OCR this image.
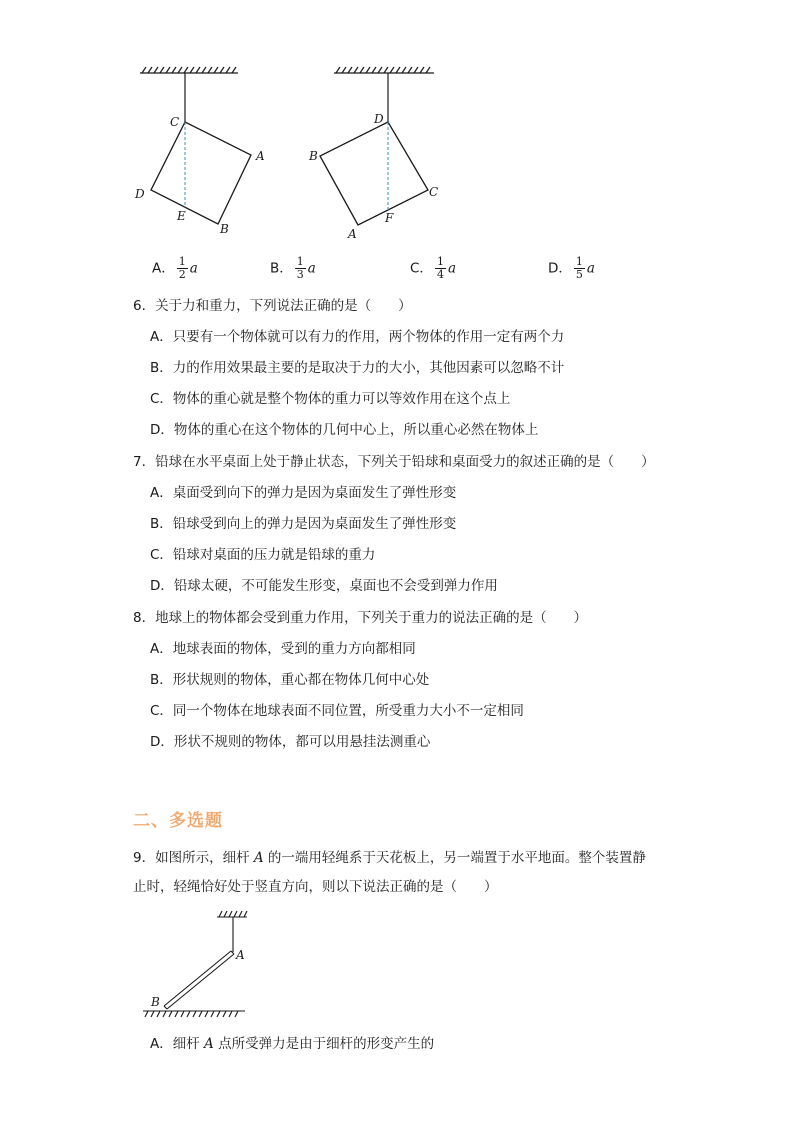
C
A
D
E
B
D
B
C
F
A
A． $\frac{1}{2}$ a	B． $\frac{1}{3}$ a	C． $\frac{1}{4}$ a	D． $\frac{1}{5}$ a
6．关于力和重力，下列说法正确的是（　　）
A．只要有一个物体就可以有力的作用，两个物体的作用一定有两个力
B．力的作用效果最主要的是取决于力的大小，其他因素可以忽略不计
C．物体的重心就是整个物体的重力可以等效作用在这个点上
D．物体的重心在这个物体的几何中心上，所以重心必然在物体上
7．铅球在水平桌面上处于静止状态，下列关于铅球和桌面受力的叙述正确的是（　　）
A．桌面受到向下的弹力是因为桌面发生了弹性形变
B．铅球受到向上的弹力是因为桌面发生了弹性形变
C．铅球对桌面的压力就是铅球的重力
D．铅球太硬，不可能发生形变，桌面也不会受到弹力作用
8．地球上的物体都会受到重力作用，下列关于重力的说法正确的是（　　）
A．地球表面的物体，受到的重力方向都相同
B．形状规则的物体，重心都在物体几何中心处
C．同一个物体在地球表面不同位置，所受重力大小不一定相同
D．形状不规则的物体，都可以用悬挂法测重心
二、多选题
9．如图所示，细杆 A 的一端用轻绳系于天花板上，另一端置于水平地面。整个装置静
止时，轻绳恰好处于竖直方向，则以下说法正确的是（　　）
A
B
A．细杆 A 点所受弹力是由于细杆的形变产生的
